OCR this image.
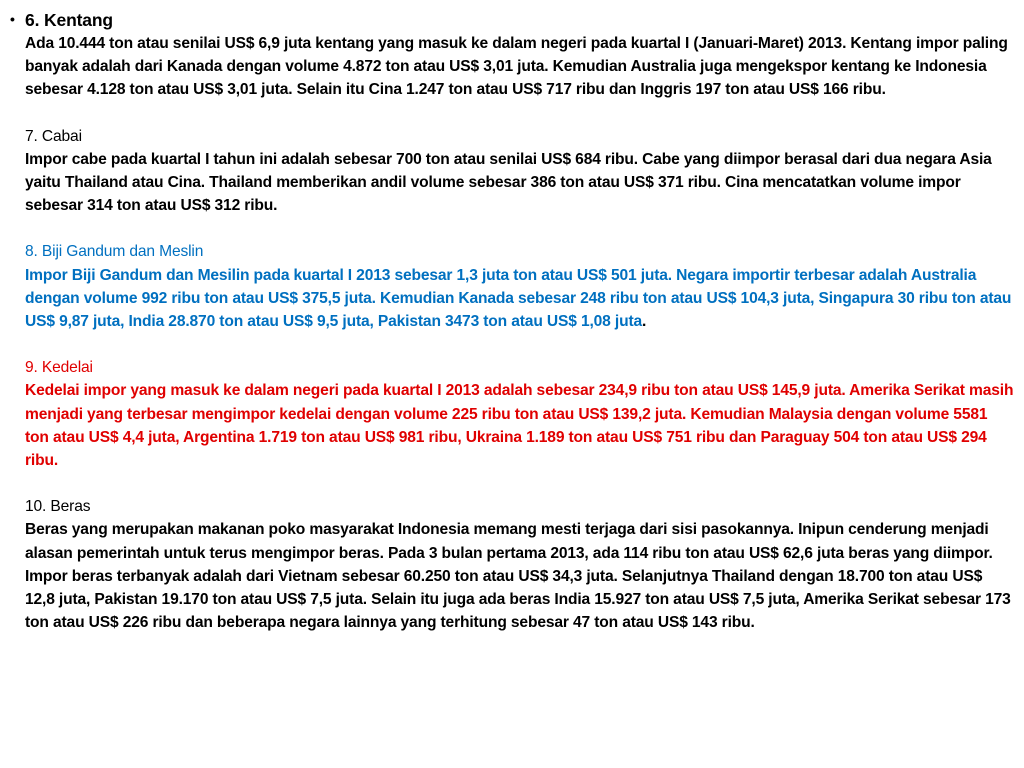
• 6. Kentang

Ada 10.444 ton atau senilai US$ 6,9 juta kentang yang masuk ke dalam negeri pada kuartal I (Januari-Maret) 2013. Kentang impor paling banyak adalah dari Kanada dengan volume 4.872 ton atau US$ 3,01 juta. Kemudian Australia juga mengekspor kentang ke Indonesia sebesar 4.128 ton atau US$ 3,01 juta. Selain itu Cina 1.247 ton atau US$ 717 ribu dan Inggris 197 ton atau US$ 166 ribu.

7. Cabai

Impor cabe pada kuartal I tahun ini adalah sebesar 700 ton atau senilai US$ 684 ribu. Cabe yang diimpor berasal dari dua negara Asia yaitu Thailand atau Cina. Thailand memberikan andil volume sebesar 386 ton atau US$ 371 ribu. Cina mencatatkan volume impor sebesar 314 ton atau US$ 312 ribu.

8. Biji Gandum dan Meslin

Impor Biji Gandum dan Mesilin pada kuartal I 2013 sebesar 1,3 juta ton atau US$ 501 juta. Negara importir terbesar adalah Australia dengan volume 992 ribu ton atau US$ 375,5 juta. Kemudian Kanada sebesar 248 ribu ton atau US$ 104,3 juta, Singapura 30 ribu ton atau US$ 9,87 juta, India 28.870 ton atau US$ 9,5 juta, Pakistan 3473 ton atau US$ 1,08 juta.

9. Kedelai

Kedelai impor yang masuk ke dalam negeri pada kuartal I 2013 adalah sebesar 234,9 ribu ton atau US$ 145,9 juta. Amerika Serikat masih menjadi yang terbesar mengimpor kedelai dengan volume 225 ribu ton atau US$ 139,2 juta. Kemudian Malaysia dengan volume 5581 ton atau US$ 4,4 juta, Argentina 1.719 ton atau US$ 981 ribu, Ukraina 1.189 ton atau US$ 751 ribu dan Paraguay 504 ton atau US$ 294 ribu.

10. Beras

Beras yang merupakan makanan poko masyarakat Indonesia memang mesti terjaga dari sisi pasokannya. Inipun cenderung menjadi alasan pemerintah untuk terus mengimpor beras. Pada 3 bulan pertama 2013, ada 114 ribu ton atau US$ 62,6 juta beras yang diimpor. Impor beras terbanyak adalah dari Vietnam sebesar 60.250 ton atau US$ 34,3 juta. Selanjutnya Thailand dengan 18.700 ton atau US$ 12,8 juta, Pakistan 19.170 ton atau US$ 7,5 juta. Selain itu juga ada beras India 15.927 ton atau US$ 7,5 juta, Amerika Serikat sebesar 173 ton atau US$ 226 ribu dan beberapa negara lainnya yang terhitung sebesar 47 ton atau US$ 143 ribu.
